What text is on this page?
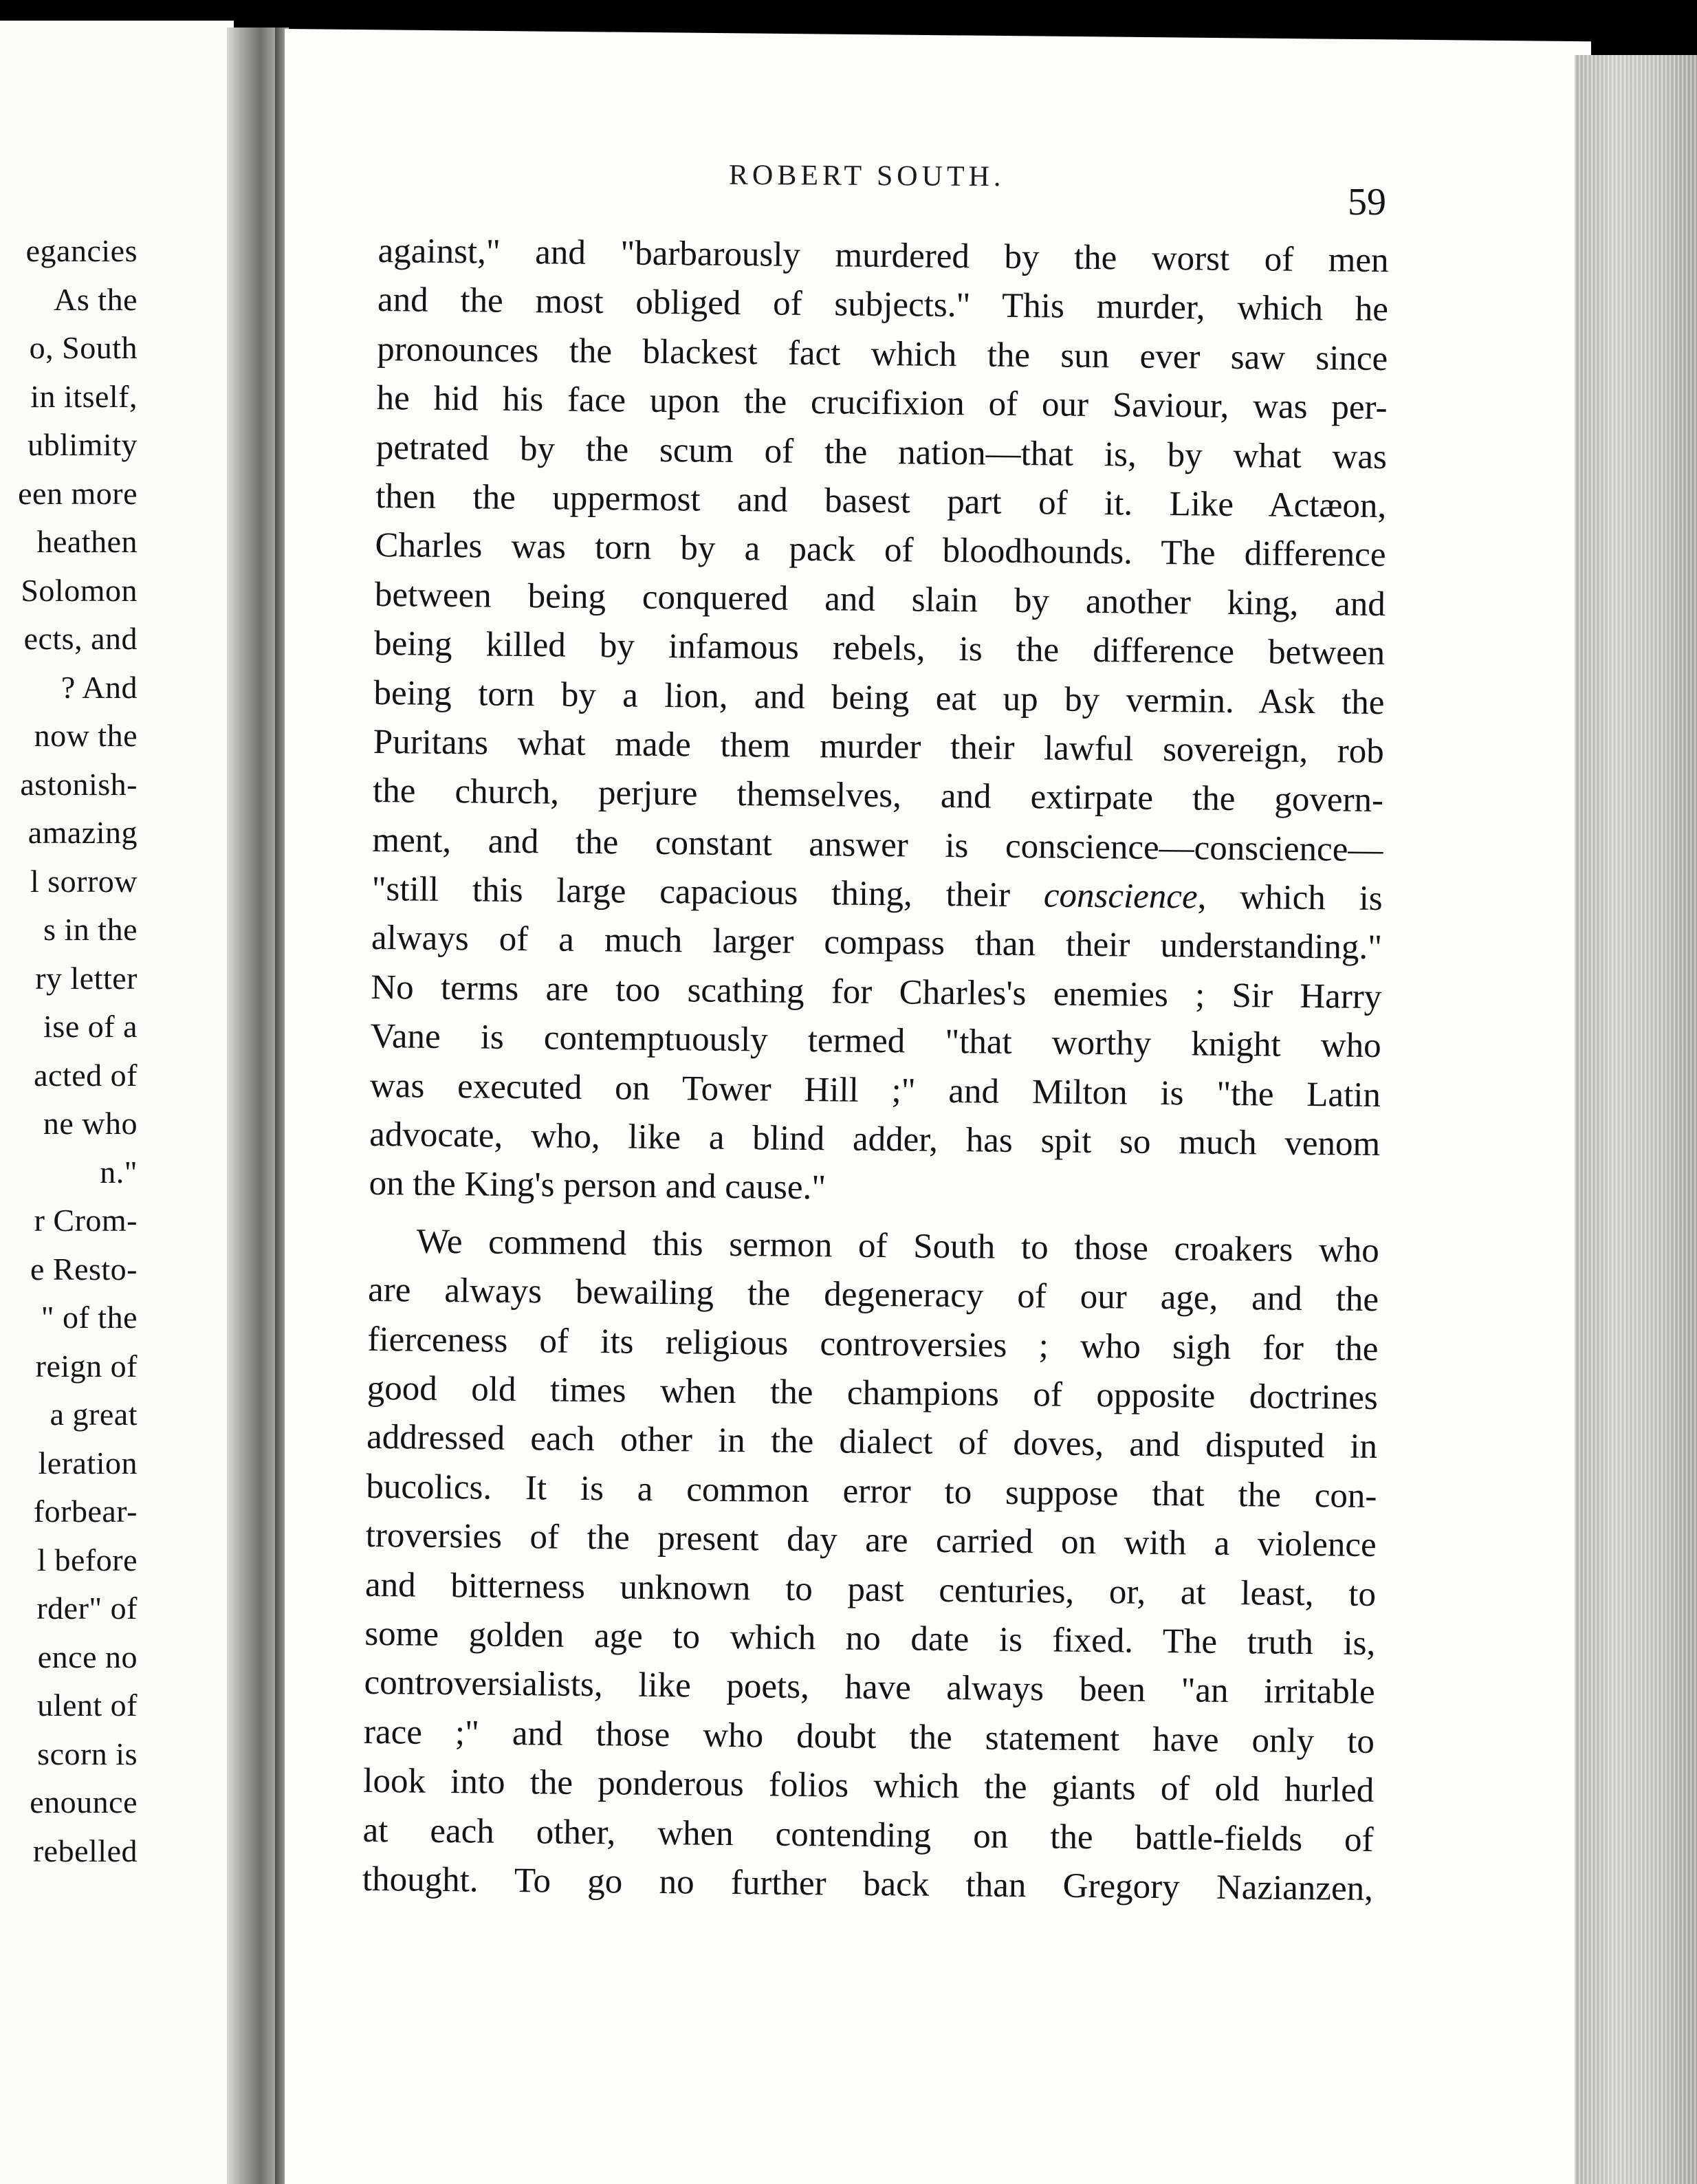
egancies
As the
o, South
in itself,
ublimity
een more
heathen
Solomon
ects, and
? And
now the
astonish-
amazing
l sorrow
s in the
ry letter
ise of a
acted of
ne who
n."
r Crom-
e Resto-
" of the
reign of
a great
leration
forbear-
l before
rder" of
ence no
ulent of
scorn is
enounce
rebelled
ROBERT SOUTH.
59
against," and "barbarously murdered by the worst of men
and the most obliged of subjects." This murder, which he
pronounces the blackest fact which the sun ever saw since
he hid his face upon the crucifixion of our Saviour, was per-
petrated by the scum of the nation—that is, by what was
then the uppermost and basest part of it. Like Actæon,
Charles was torn by a pack of bloodhounds. The difference
between being conquered and slain by another king, and
being killed by infamous rebels, is the difference between
being torn by a lion, and being eat up by vermin. Ask the
Puritans what made them murder their lawful sovereign, rob
the church, perjure themselves, and extirpate the govern-
ment, and the constant answer is conscience—conscience—
"still this large capacious thing, their conscience, which is
always of a much larger compass than their understanding."
No terms are too scathing for Charles's enemies ; Sir Harry
Vane is contemptuously termed "that worthy knight who
was executed on Tower Hill ;" and Milton is "the Latin
advocate, who, like a blind adder, has spit so much venom
on the King's person and cause."
We commend this sermon of South to those croakers who
are always bewailing the degeneracy of our age, and the
fierceness of its religious controversies ; who sigh for the
good old times when the champions of opposite doctrines
addressed each other in the dialect of doves, and disputed in
bucolics. It is a common error to suppose that the con-
troversies of the present day are carried on with a violence
and bitterness unknown to past centuries, or, at least, to
some golden age to which no date is fixed. The truth is,
controversialists, like poets, have always been "an irritable
race ;" and those who doubt the statement have only to
look into the ponderous folios which the giants of old hurled
at each other, when contending on the battle-fields of
thought. To go no further back than Gregory Nazianzen,
